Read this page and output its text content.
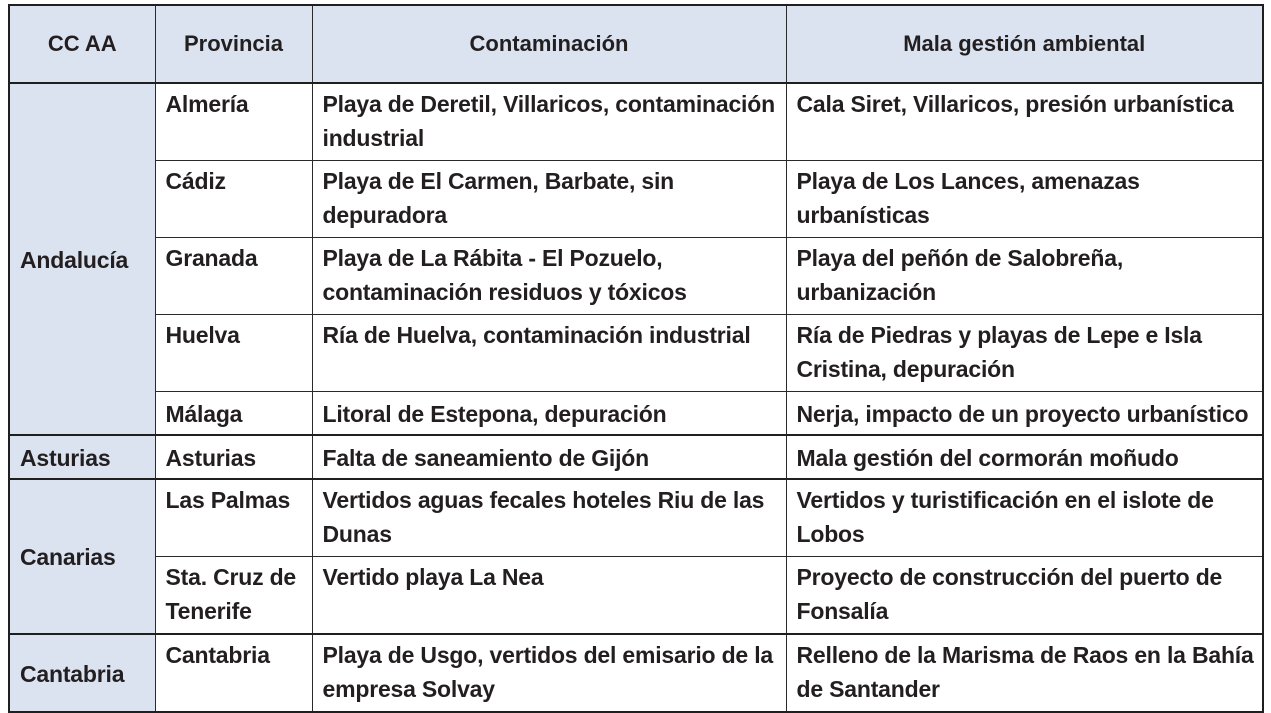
CC AA	Provincia	Contaminación	Mala gestión ambiental
Andalucía	Almería	Playa de Deretil, Villaricos, contaminación industrial	Cala Siret, Villaricos, presión urbanística
	Cádiz	Playa de El Carmen, Barbate, sin depuradora	Playa de Los Lances, amenazas urbanísticas
	Granada	Playa de La Rábita - El Pozuelo, contaminación residuos y tóxicos	Playa del peñón de Salobreña, urbanización
	Huelva	Ría de Huelva, contaminación industrial	Ría de Piedras y playas de Lepe e Isla Cristina, depuración
	Málaga	Litoral de Estepona, depuración	Nerja, impacto de un proyecto urbanístico
Asturias	Asturias	Falta de saneamiento de Gijón	Mala gestión del cormorán moñudo
Canarias	Las Palmas	Vertidos aguas fecales hoteles Riu de las Dunas	Vertidos y turistificación en el islote de Lobos
	Sta. Cruz de Tenerife	Vertido playa La Nea	Proyecto de construcción del puerto de Fonsalía
Cantabria	Cantabria	Playa de Usgo, vertidos del emisario de la empresa Solvay	Relleno de la Marisma de Raos en la Bahía de Santander
